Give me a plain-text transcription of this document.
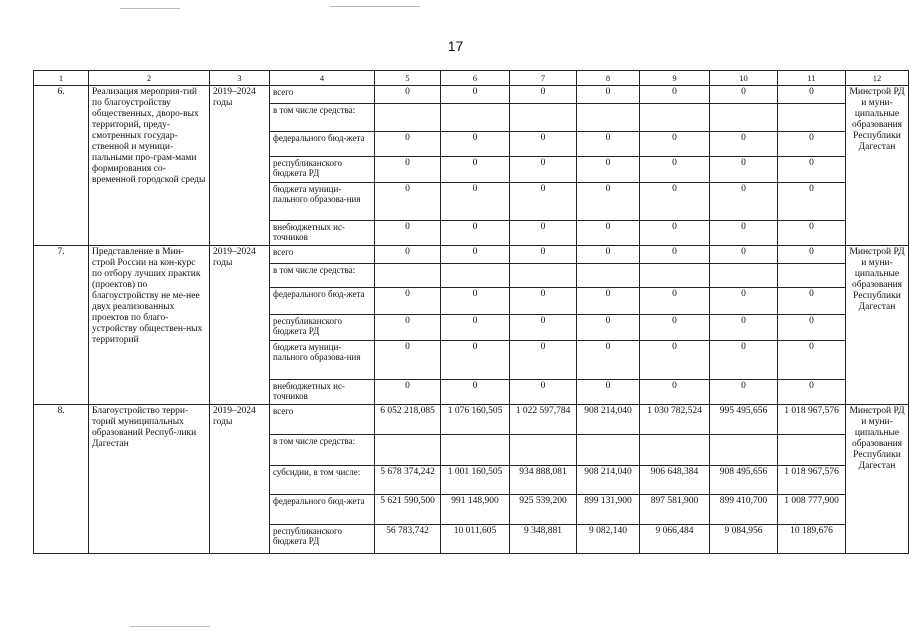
17
1	2	3	4	5	6	7	8	9	10	11	12
6.	Реализация мероприя-тий по благоустройству общественных, дворо-вых территорий, преду-смотренных государ-ственной и муници-пальными про-грам-мами формирования со-временной городской среды	2019–2024 годы	всего	0	0	0	0	0	0	0	Минстрой РД и муни-ципальные образования Республики Дагестан
			в том числе средства:								
			федерального бюд-жета	0	0	0	0	0	0	0	
			республиканского бюджета РД	0	0	0	0	0	0	0	
			бюджета муници-пального образова-ния	0	0	0	0	0	0	0	
			внебюджетных ис-точников	0	0	0	0	0	0	0	
7.	Представление в Мин-строй России на кон-курс по отбору лучших практик (проектов) по благоустройству не ме-нее двух реализованных проектов по благо-устройству обществен-ных территорий	2019–2024 годы	всего	0	0	0	0	0	0	0	Минстрой РД и муни-ципальные образования Республики Дагестан
			в том числе средства:								
			федерального бюд-жета	0	0	0	0	0	0	0	
			республиканского бюджета РД	0	0	0	0	0	0	0	
			бюджета муници-пального образова-ния	0	0	0	0	0	0	0	
			внебюджетных ис-точников	0	0	0	0	0	0	0	
8.	Благоустройство терри-торий муниципальных образований Респуб-лики Дагестан	2019–2024 годы	всего	6 052 218,085	1 076 160,505	1 022 597,784	908 214,040	1 030 782,524	995 495,656	1 018 967,576	Минстрой РД и муни-ципальные образования Республики Дагестан
			в том числе средства:								
			субсидии, в том числе:	5 678 374,242	1 001 160,505	934 888,081	908 214,040	906 648,384	908 495,656	1 018 967,576	
			федерального бюд-жета	5 621 590,500	991 148,900	925 539,200	899 131,900	897 581,900	899 410,700	1 008 777,900	
			республиканского бюджета РД	56 783,742	10 011,605	9 348,881	9 082,140	9 066,484	9 084,956	10 189,676	
